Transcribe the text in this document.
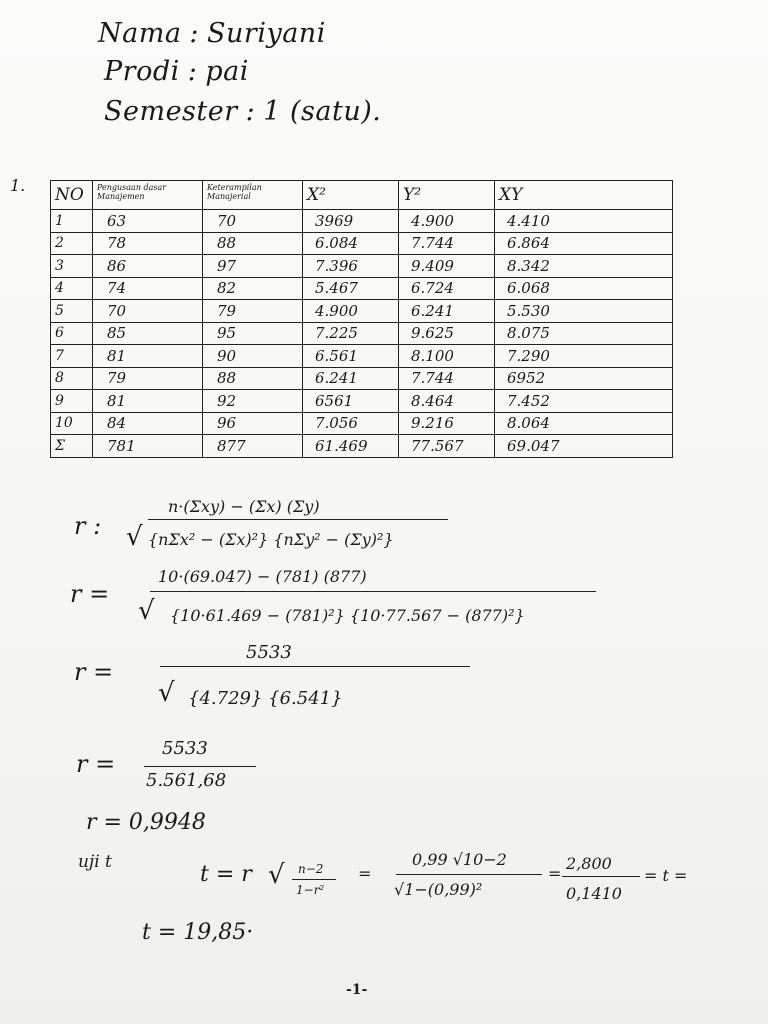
Nama : Suriyani
Prodi : pai
Semester : 1 (satu).
1. NO	Pengusaan dasar Manajemen	Keterampilan Manajerial	X²	Y²	XY
1	63	70	3969	4.900	4.410
2	78	88	6.084	7.744	6.864
3	86	97	7.396	9.409	8.342
4	74	82	5.467	6.724	6.068
5	70	79	4.900	6.241	5.530
6	85	95	7.225	9.625	8.075
7	81	90	6.561	8.100	7.290
8	79	88	6.241	7.744	6952
9	81	92	6561	8.464	7.452
10	84	96	7.056	9.216	8.064
Σ	781	877	61.469	77.567	69.047
r :
n·(Σxy) − (Σx) (Σy)
√ {nΣx² − (Σx)²} {nΣy² − (Σy)²}
r =
10·(69.047) − (781) (877)
√ {10·61.469 − (781)²} {10·77.567 − (877)²}
r =
5533
√ {4.729} {6.541}
r =
5533
5.561,68
r = 0,9948
uji t	t = r √ n−2
1−r²
=
0,99 √10−2
√1−(0,99)²
=
2,800
0,1410
= t =
t = 19,85·
-1-
